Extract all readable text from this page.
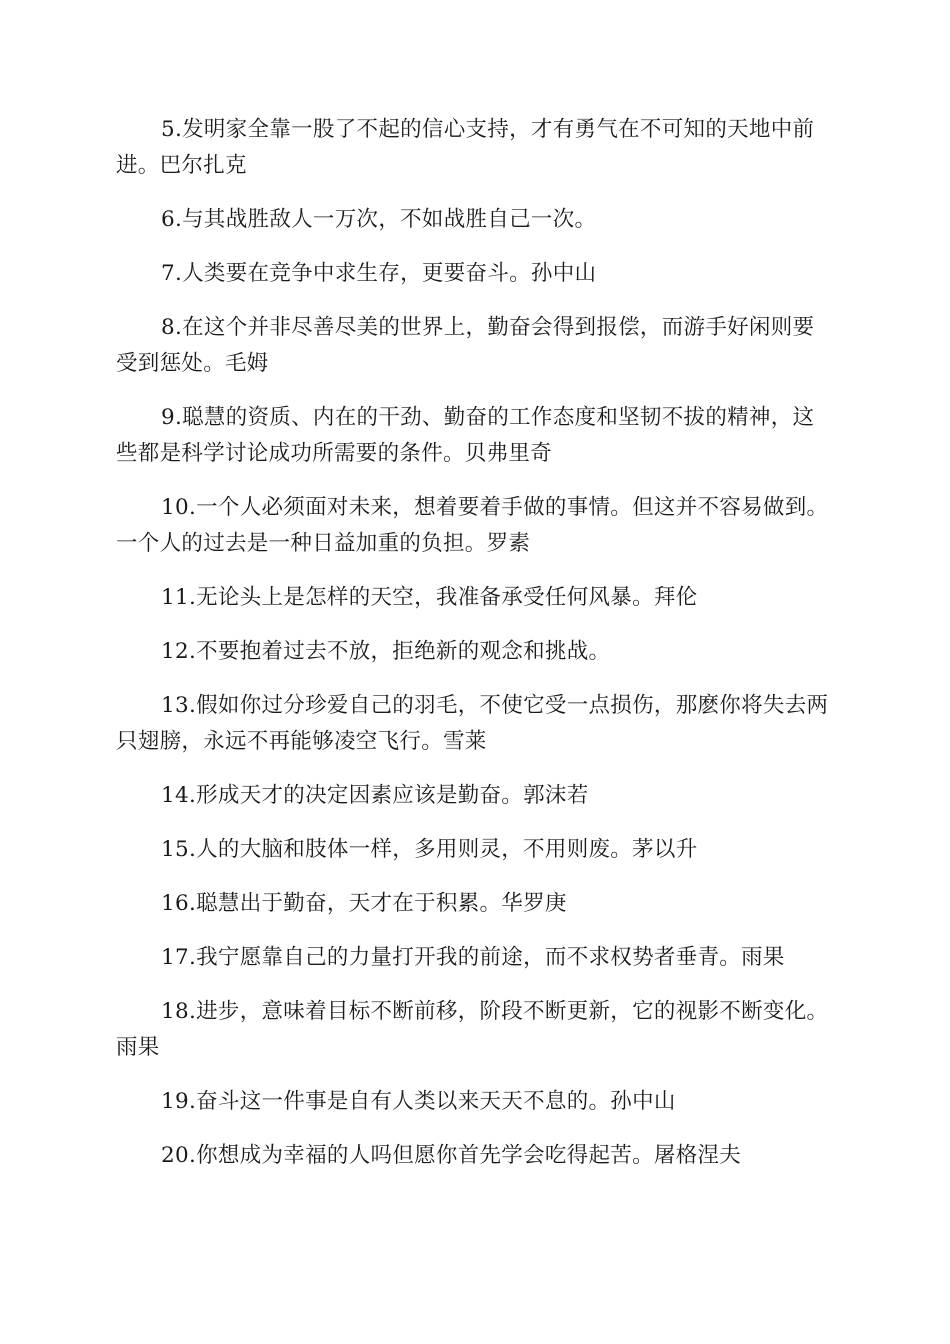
5.发明家全靠一股了不起的信心支持，才有勇气在不可知的天地中前进。巴尔扎克

6.与其战胜敌人一万次，不如战胜自己一次。

7.人类要在竞争中求生存，更要奋斗。孙中山

8.在这个并非尽善尽美的世界上，勤奋会得到报偿，而游手好闲则要受到惩处。毛姆

9.聪慧的资质、内在的干劲、勤奋的工作态度和坚韧不拔的精神，这些都是科学讨论成功所需要的条件。贝弗里奇

10.一个人必须面对未来，想着要着手做的事情。但这并不容易做到。一个人的过去是一种日益加重的负担。罗素

11.无论头上是怎样的天空，我准备承受任何风暴。拜伦

12.不要抱着过去不放，拒绝新的观念和挑战。

13.假如你过分珍爱自己的羽毛，不使它受一点损伤，那麽你将失去两只翅膀，永远不再能够凌空飞行。雪莱

14.形成天才的决定因素应该是勤奋。郭沫若

15.人的大脑和肢体一样，多用则灵，不用则废。茅以升

16.聪慧出于勤奋，天才在于积累。华罗庚

17.我宁愿靠自己的力量打开我的前途，而不求权势者垂青。雨果

18.进步，意味着目标不断前移，阶段不断更新，它的视影不断变化。雨果

19.奋斗这一件事是自有人类以来天天不息的。孙中山

20.你想成为幸福的人吗但愿你首先学会吃得起苦。屠格涅夫
